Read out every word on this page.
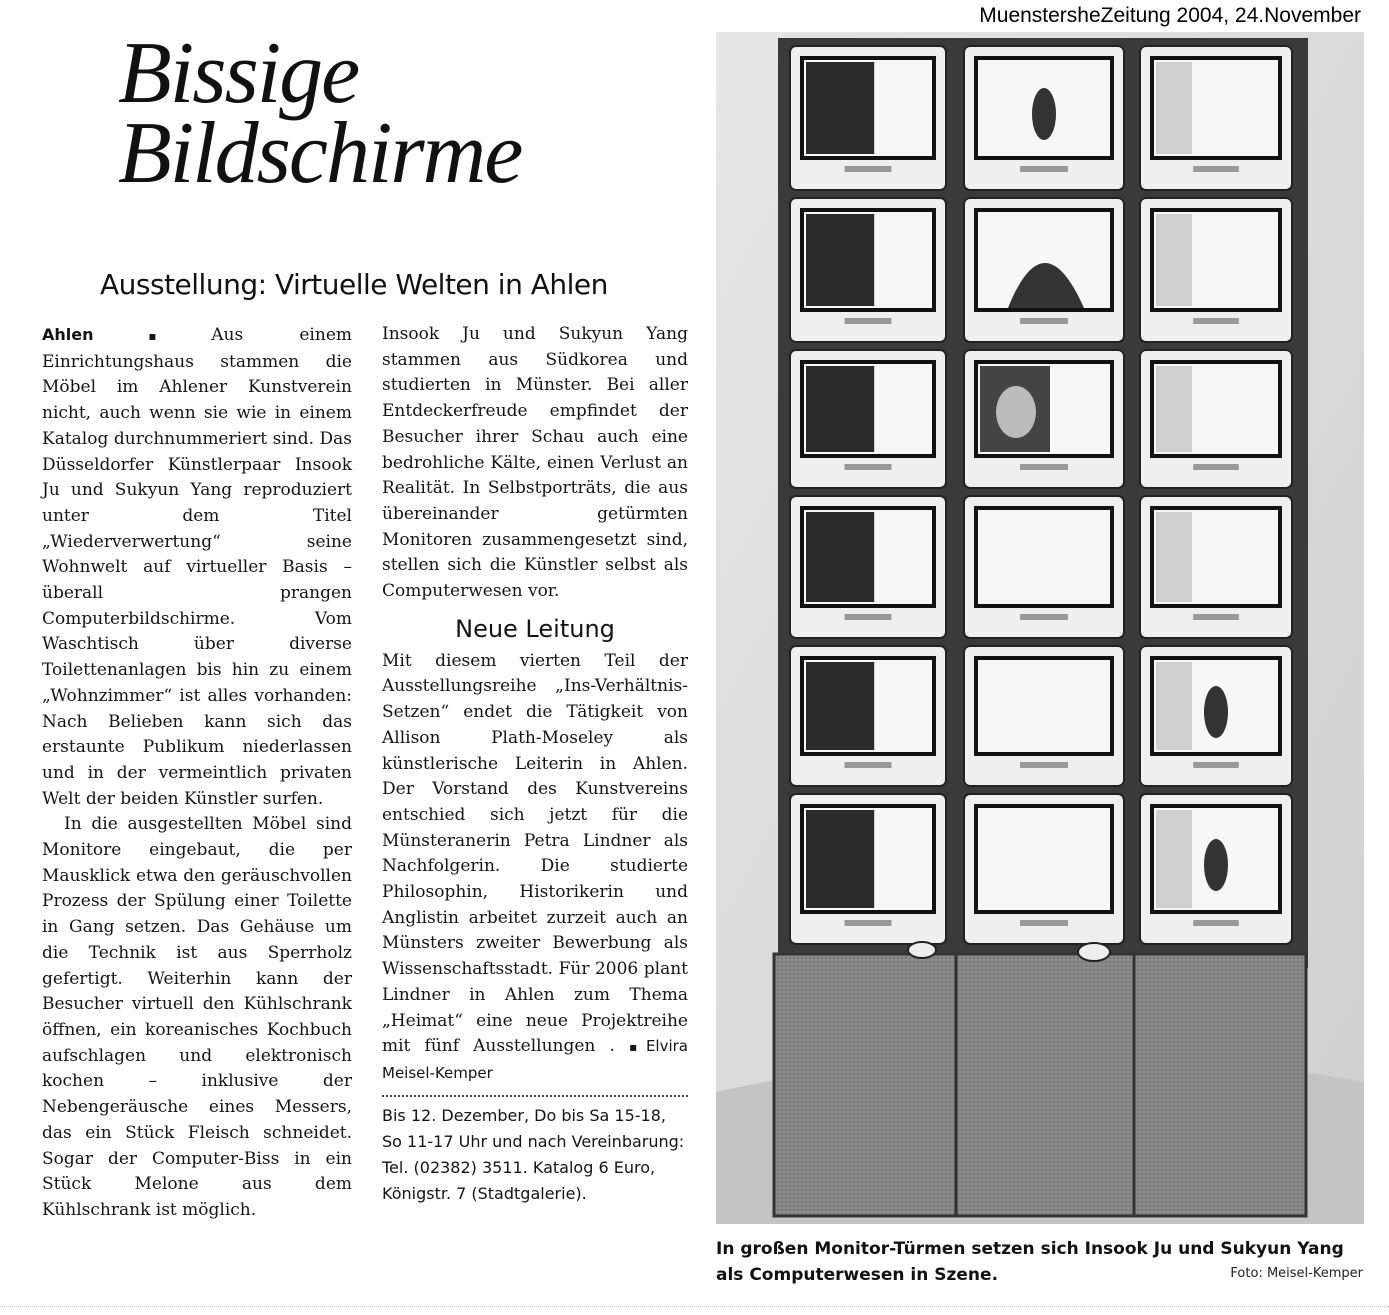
MuenstersheZeitung 2004, 24.November
Bissige
Bildschirme
Ausstellung: Virtuelle Welten in Ahlen

Ahlen ▪	Aus einem Einrichtungshaus stammen die Möbel im Ahlener Kunstverein nicht, auch wenn sie wie in einem Katalog durchnummeriert sind. Das Düsseldorfer Künstlerpaar Insook Ju und Sukyun Yang reproduziert unter dem Titel „Wiederverwertung“ seine Wohnwelt auf virtueller Basis – überall prangen Computerbildschirme. Vom Waschtisch über diverse Toilettenanlagen bis hin zu einem „Wohnzimmer“ ist alles vorhanden: Nach Belieben kann sich das erstaunte Publikum niederlassen und in der vermeintlich privaten Welt der beiden Künstler surfen.

In die ausgestellten Möbel sind Monitore eingebaut, die per Mausklick etwa den geräuschvollen Prozess der Spülung einer Toilette in Gang setzen. Das Gehäuse um die Technik ist aus Sperrholz gefertigt. Weiterhin kann der Besucher virtuell den Kühlschrank öffnen, ein koreanisches Kochbuch aufschlagen und elektronisch kochen – inklusive der Nebengeräusche eines Messers, das ein Stück Fleisch schneidet. Sogar der Computer-Biss in ein Stück Melone aus dem Kühlschrank ist möglich.

Insook Ju und Sukyun Yang stammen aus Südkorea und studierten in Münster. Bei aller Entdeckerfreude empfindet der Besucher ihrer Schau auch eine bedrohliche Kälte, einen Verlust an Realität. In Selbstporträts, die aus übereinander getürmten Monitoren zusammengesetzt sind, stellen sich die Künstler selbst als Computerwesen vor.

Neue Leitung

Mit diesem vierten Teil der Ausstellungsreihe „Ins-Verhältnis-Setzen“ endet die Tätigkeit von Allison Plath-Moseley als künstlerische Leiterin in Ahlen. Der Vorstand des Kunstvereins entschied sich jetzt für die Münsteranerin Petra Lindner als Nachfolgerin. Die studierte Philosophin, Historikerin und Anglistin arbeitet zurzeit auch an Münsters zweiter Bewerbung als Wissenschaftsstadt. Für 2006 plant Lindner in Ahlen zum Thema „Heimat“ eine neue Projektreihe mit fünf Ausstellungen . ▪ Elvira Meisel-Kemper

Bis 12. Dezember, Do bis Sa 15-18, So 11-17 Uhr und nach Vereinbarung: Tel. (02382) 3511. Katalog 6 Euro, Königstr. 7 (Stadtgalerie).
In großen Monitor-Türmen setzen sich Insook Ju und Sukyun Yang als Computerwesen in Szene.	Foto: Meisel-Kemper
